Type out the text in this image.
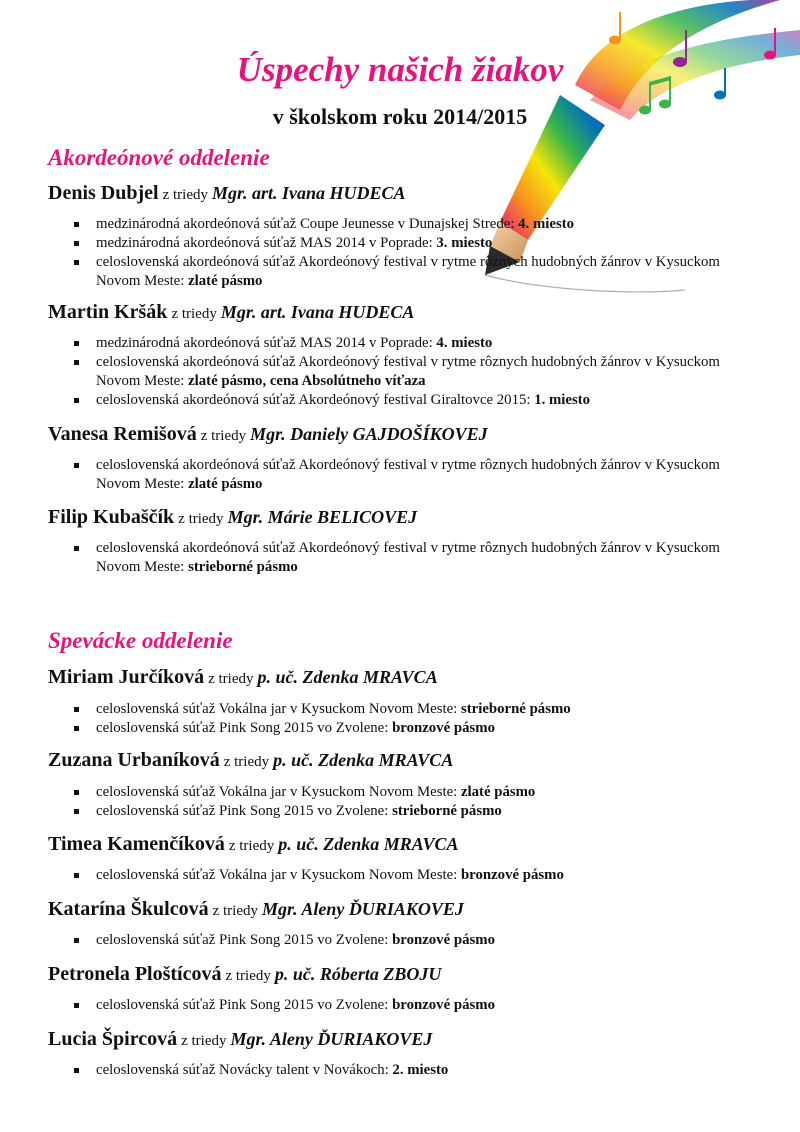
Úspechy našich žiakov
v školskom roku 2014/2015
Akordeónové oddelenie

Denis Dubjel z triedy Mgr. art. Ivana HUDECA

medzinárodná akordeónová súťaž Coupe Jeunesse v Dunajskej Strede: 4. miesto
medzinárodná akordeónová súťaž MAS 2014 v Poprade: 3. miesto
celoslovenská akordeónová súťaž Akordeónový festival v rytme rôznych hudobných žánrov v Kysuckom Novom Meste: zlaté pásmo

Martin Kršák z triedy Mgr. art. Ivana HUDECA

medzinárodná akordeónová súťaž MAS 2014 v Poprade: 4. miesto
celoslovenská akordeónová súťaž Akordeónový festival v rytme rôznych hudobných žánrov v Kysuckom Novom Meste: zlaté pásmo, cena Absolútneho víťaza
celoslovenská akordeónová súťaž Akordeónový festival Giraltovce 2015: 1. miesto

Vanesa Remišová z triedy Mgr. Daniely GAJDOŠÍKOVEJ

celoslovenská akordeónová súťaž Akordeónový festival v rytme rôznych hudobných žánrov v Kysuckom Novom Meste: zlaté pásmo

Filip Kubaščík z triedy Mgr. Márie BELICOVEJ

celoslovenská akordeónová súťaž Akordeónový festival v rytme rôznych hudobných žánrov v Kysuckom Novom Meste: strieborné pásmo
Spevácke oddelenie

Miriam Jurčíková z triedy p. uč. Zdenka MRAVCA

celoslovenská súťaž Vokálna jar v Kysuckom Novom Meste: strieborné pásmo
celoslovenská súťaž Pink Song 2015 vo Zvolene: bronzové pásmo

Zuzana Urbaníková z triedy p. uč. Zdenka MRAVCA

celoslovenská súťaž Vokálna jar v Kysuckom Novom Meste: zlaté pásmo
celoslovenská súťaž Pink Song 2015 vo Zvolene: strieborné pásmo

Timea Kamenčíková z triedy p. uč. Zdenka MRAVCA

celoslovenská súťaž Vokálna jar v Kysuckom Novom Meste: bronzové pásmo

Katarína Škulcová z triedy Mgr. Aleny ĎURIAKOVEJ

celoslovenská súťaž Pink Song 2015 vo Zvolene: bronzové pásmo

Petronela Ploštícová z triedy p. uč. Róberta ZBOJU

celoslovenská súťaž Pink Song 2015 vo Zvolene: bronzové pásmo

Lucia Špircová z triedy Mgr. Aleny ĎURIAKOVEJ

celoslovenská súťaž Novácky talent v Novákoch: 2. miesto
